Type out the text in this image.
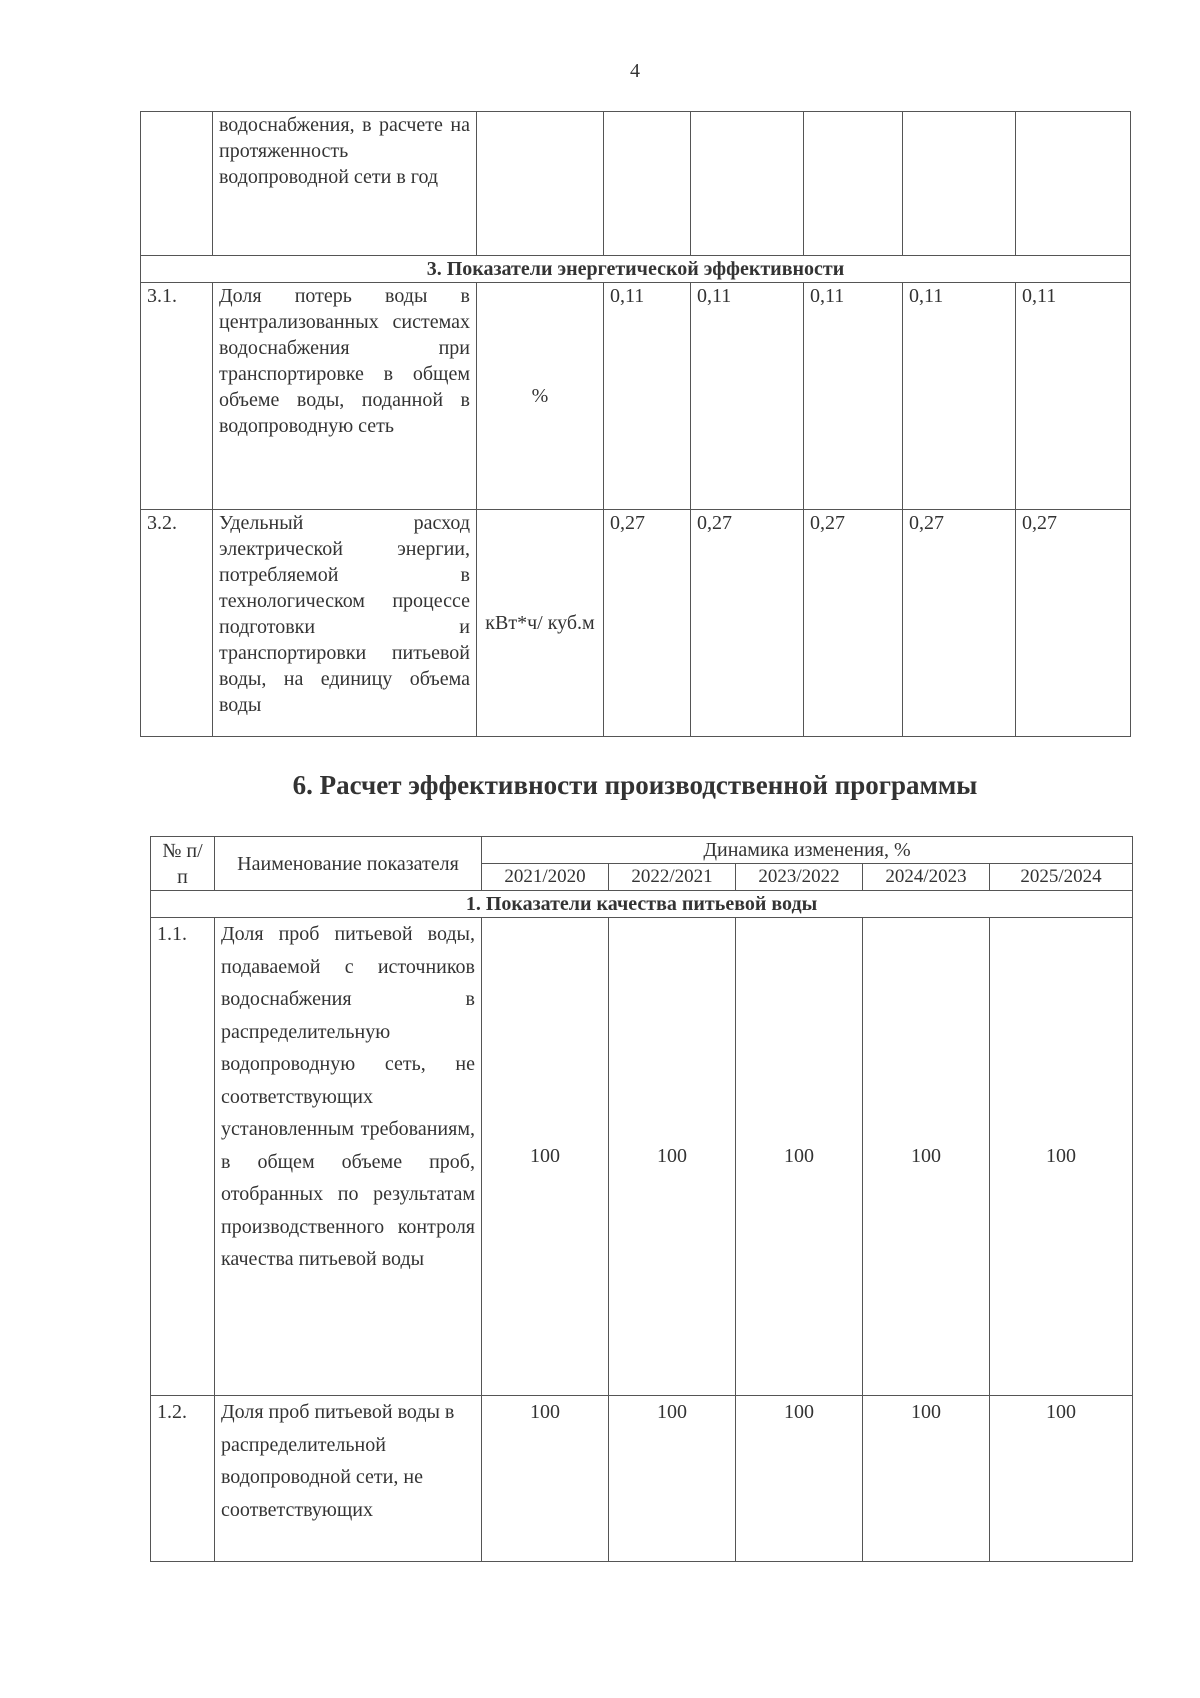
4
	водоснабжения, в расчете на протяженность водопроводной сети в год						
3. Показатели энергетической эффективности							
3.1.	Доля потерь воды в централизованных системах водоснабжения при транспортировке в общем объеме воды, поданной в водопроводную сеть	%	0,11	0,11	0,11	0,11	0,11
3.2.	Удельный расход электрической энергии, потребляемой в технологическом процессе подготовки и транспортировки питьевой воды, на единицу объема воды	кВт*ч/ куб.м	0,27	0,27	0,27	0,27	0,27
6. Расчет эффективности производственной программы
№ п/п	Наименование показателя	Динамика изменения, %				
		2021/2020	2022/2021	2023/2022	2024/2023	2025/2024
1. Показатели качества питьевой воды						
1.1.	Доля проб питьевой воды, подаваемой с источников водоснабжения в распределительную водопроводную сеть, не соответствующих установленным требованиям, в общем объеме проб, отобранных по результатам производственного контроля качества питьевой воды	100	100	100	100	100
1.2.	Доля проб питьевой воды в распределительной водопроводной сети, не соответствующих	100	100	100	100	100
